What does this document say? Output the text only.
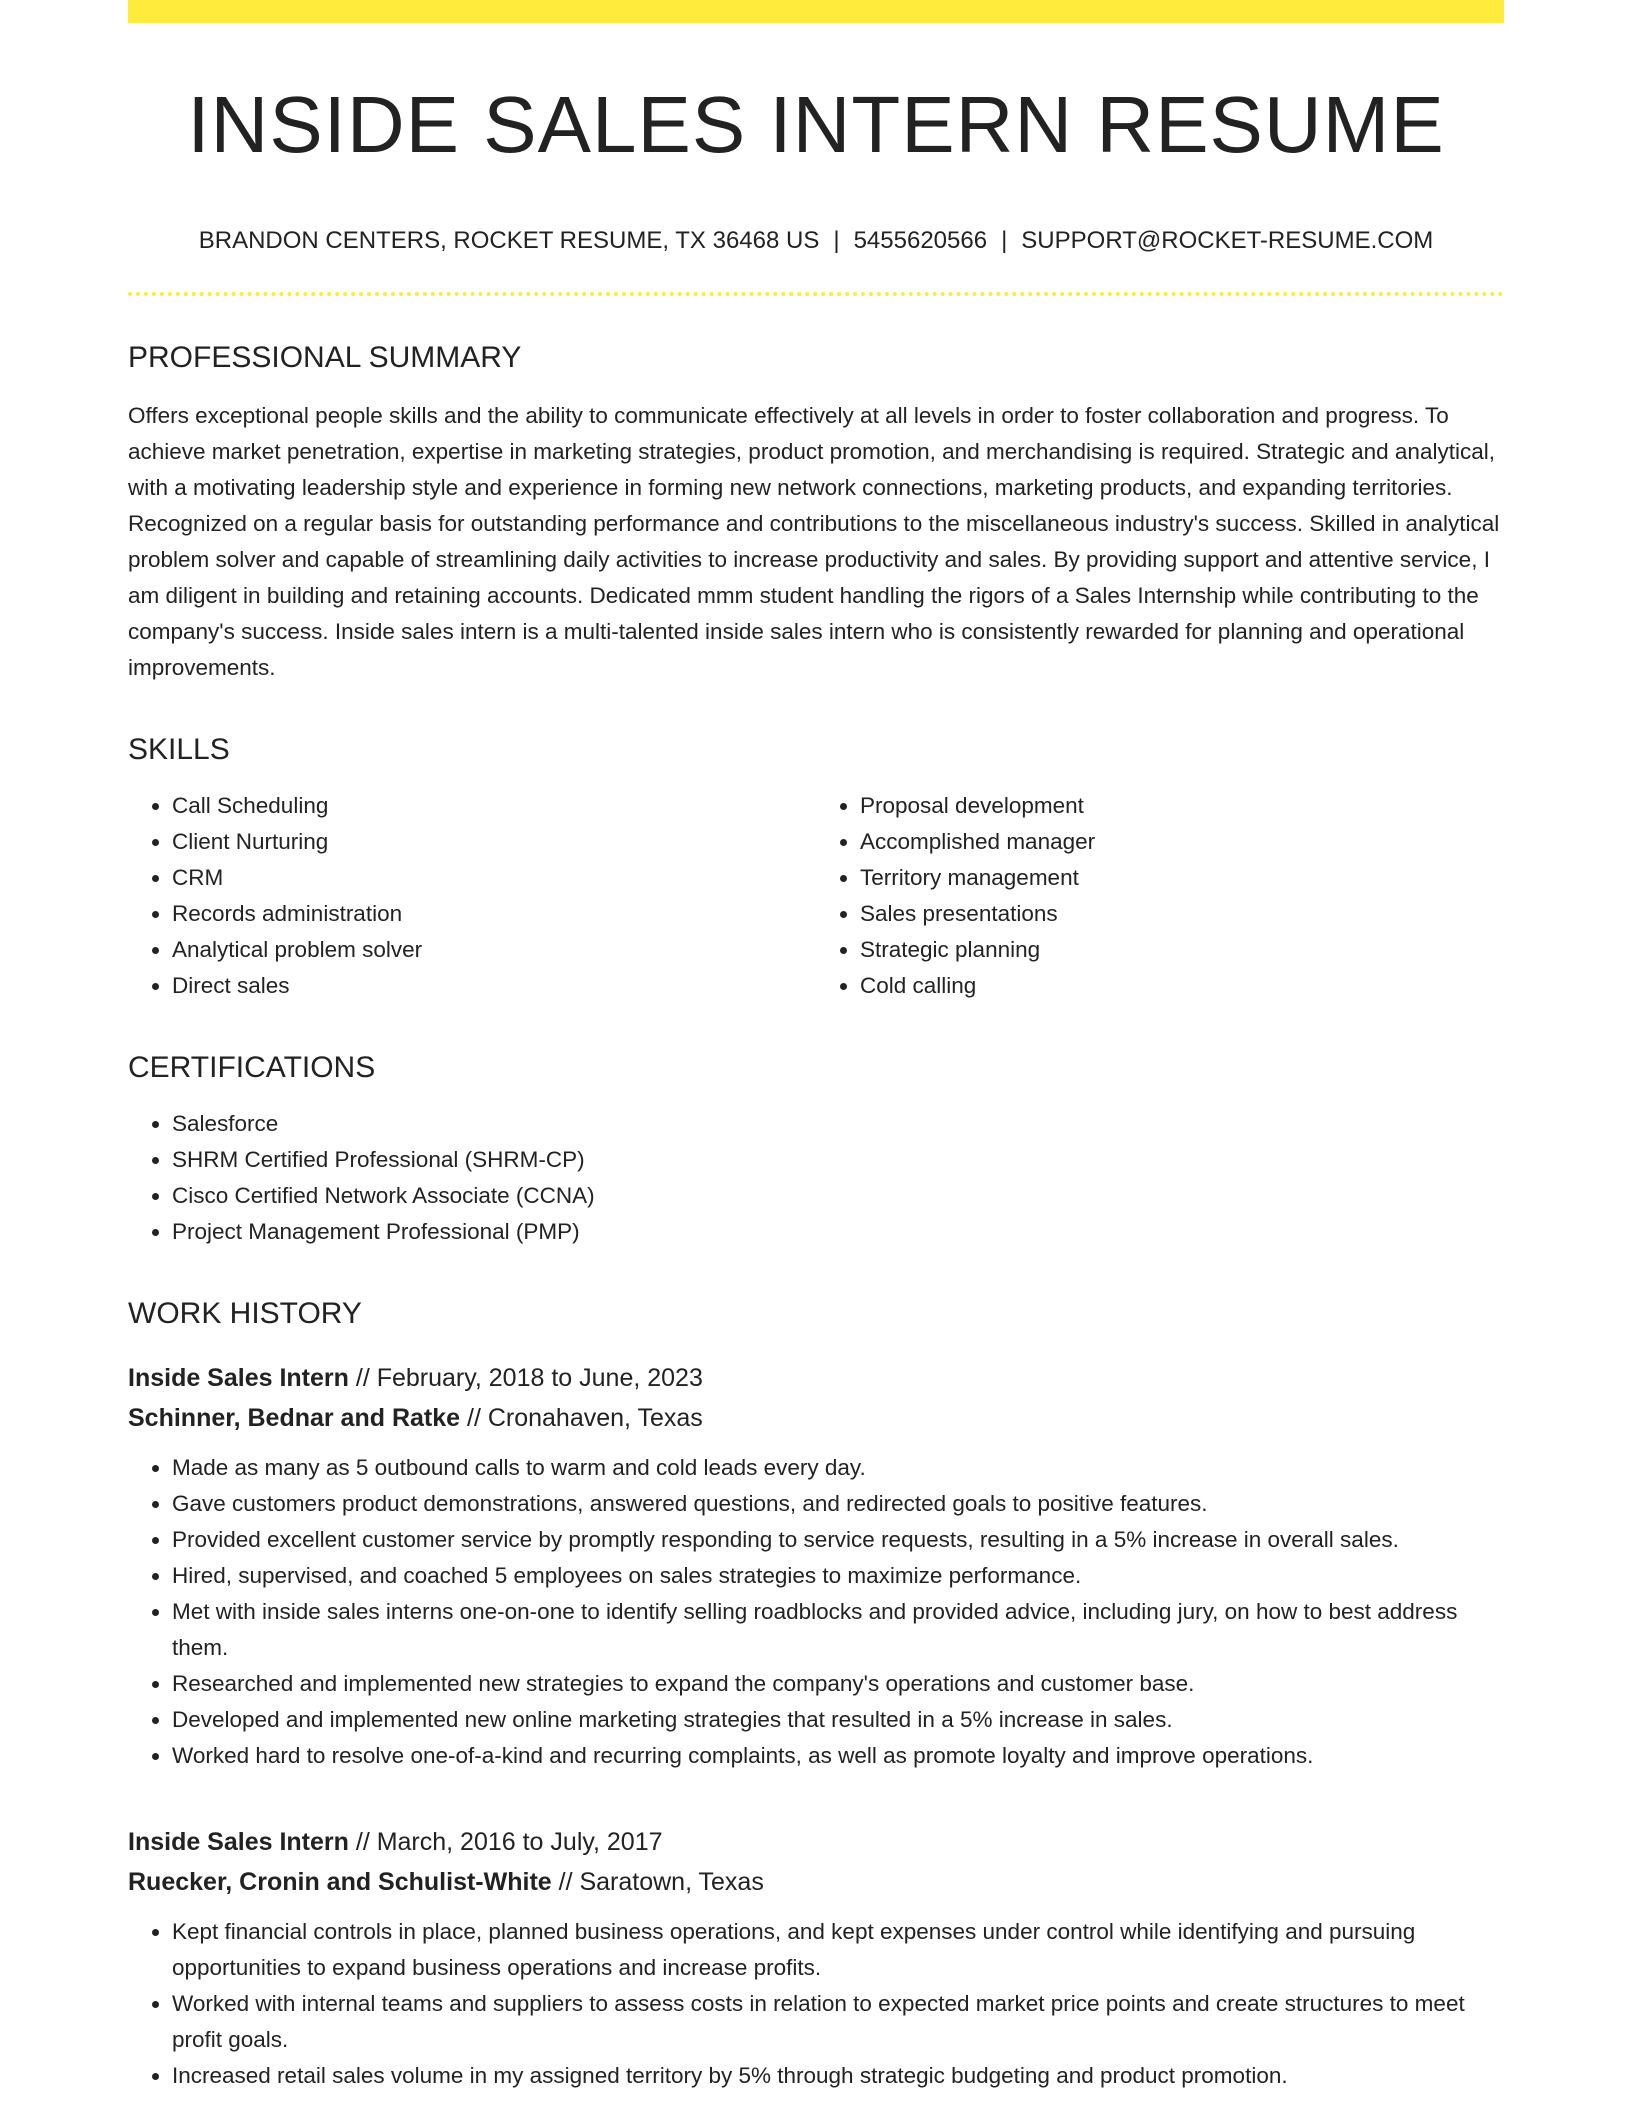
INSIDE SALES INTERN RESUME
BRANDON CENTERS, ROCKET RESUME, TX 36468 US | 5455620566 | SUPPORT@ROCKET-RESUME.COM
PROFESSIONAL SUMMARY
Offers exceptional people skills and the ability to communicate effectively at all levels in order to foster collaboration and progress. To achieve market penetration, expertise in marketing strategies, product promotion, and merchandising is required. Strategic and analytical, with a motivating leadership style and experience in forming new network connections, marketing products, and expanding territories. Recognized on a regular basis for outstanding performance and contributions to the miscellaneous industry's success. Skilled in analytical problem solver and capable of streamlining daily activities to increase productivity and sales. By providing support and attentive service, I am diligent in building and retaining accounts. Dedicated mmm student handling the rigors of a Sales Internship while contributing to the company's success. Inside sales intern is a multi-talented inside sales intern who is consistently rewarded for planning and operational improvements.
SKILLS
• Call Scheduling
• Client Nurturing
• CRM
• Records administration
• Analytical problem solver
• Direct sales
• Proposal development
• Accomplished manager
• Territory management
• Sales presentations
• Strategic planning
• Cold calling
CERTIFICATIONS
• Salesforce
• SHRM Certified Professional (SHRM-CP)
• Cisco Certified Network Associate (CCNA)
• Project Management Professional (PMP)
WORK HISTORY
Inside Sales Intern // February, 2018 to June, 2023
Schinner, Bednar and Ratke // Cronahaven, Texas
• Made as many as 5 outbound calls to warm and cold leads every day.
• Gave customers product demonstrations, answered questions, and redirected goals to positive features.
• Provided excellent customer service by promptly responding to service requests, resulting in a 5% increase in overall sales.
• Hired, supervised, and coached 5 employees on sales strategies to maximize performance.
• Met with inside sales interns one-on-one to identify selling roadblocks and provided advice, including jury, on how to best address them.
• Researched and implemented new strategies to expand the company's operations and customer base.
• Developed and implemented new online marketing strategies that resulted in a 5% increase in sales.
• Worked hard to resolve one-of-a-kind and recurring complaints, as well as promote loyalty and improve operations.
Inside Sales Intern // March, 2016 to July, 2017
Ruecker, Cronin and Schulist-White // Saratown, Texas
• Kept financial controls in place, planned business operations, and kept expenses under control while identifying and pursuing opportunities to expand business operations and increase profits.
• Worked with internal teams and suppliers to assess costs in relation to expected market price points and create structures to meet profit goals.
• Increased retail sales volume in my assigned territory by 5% through strategic budgeting and product promotion.
